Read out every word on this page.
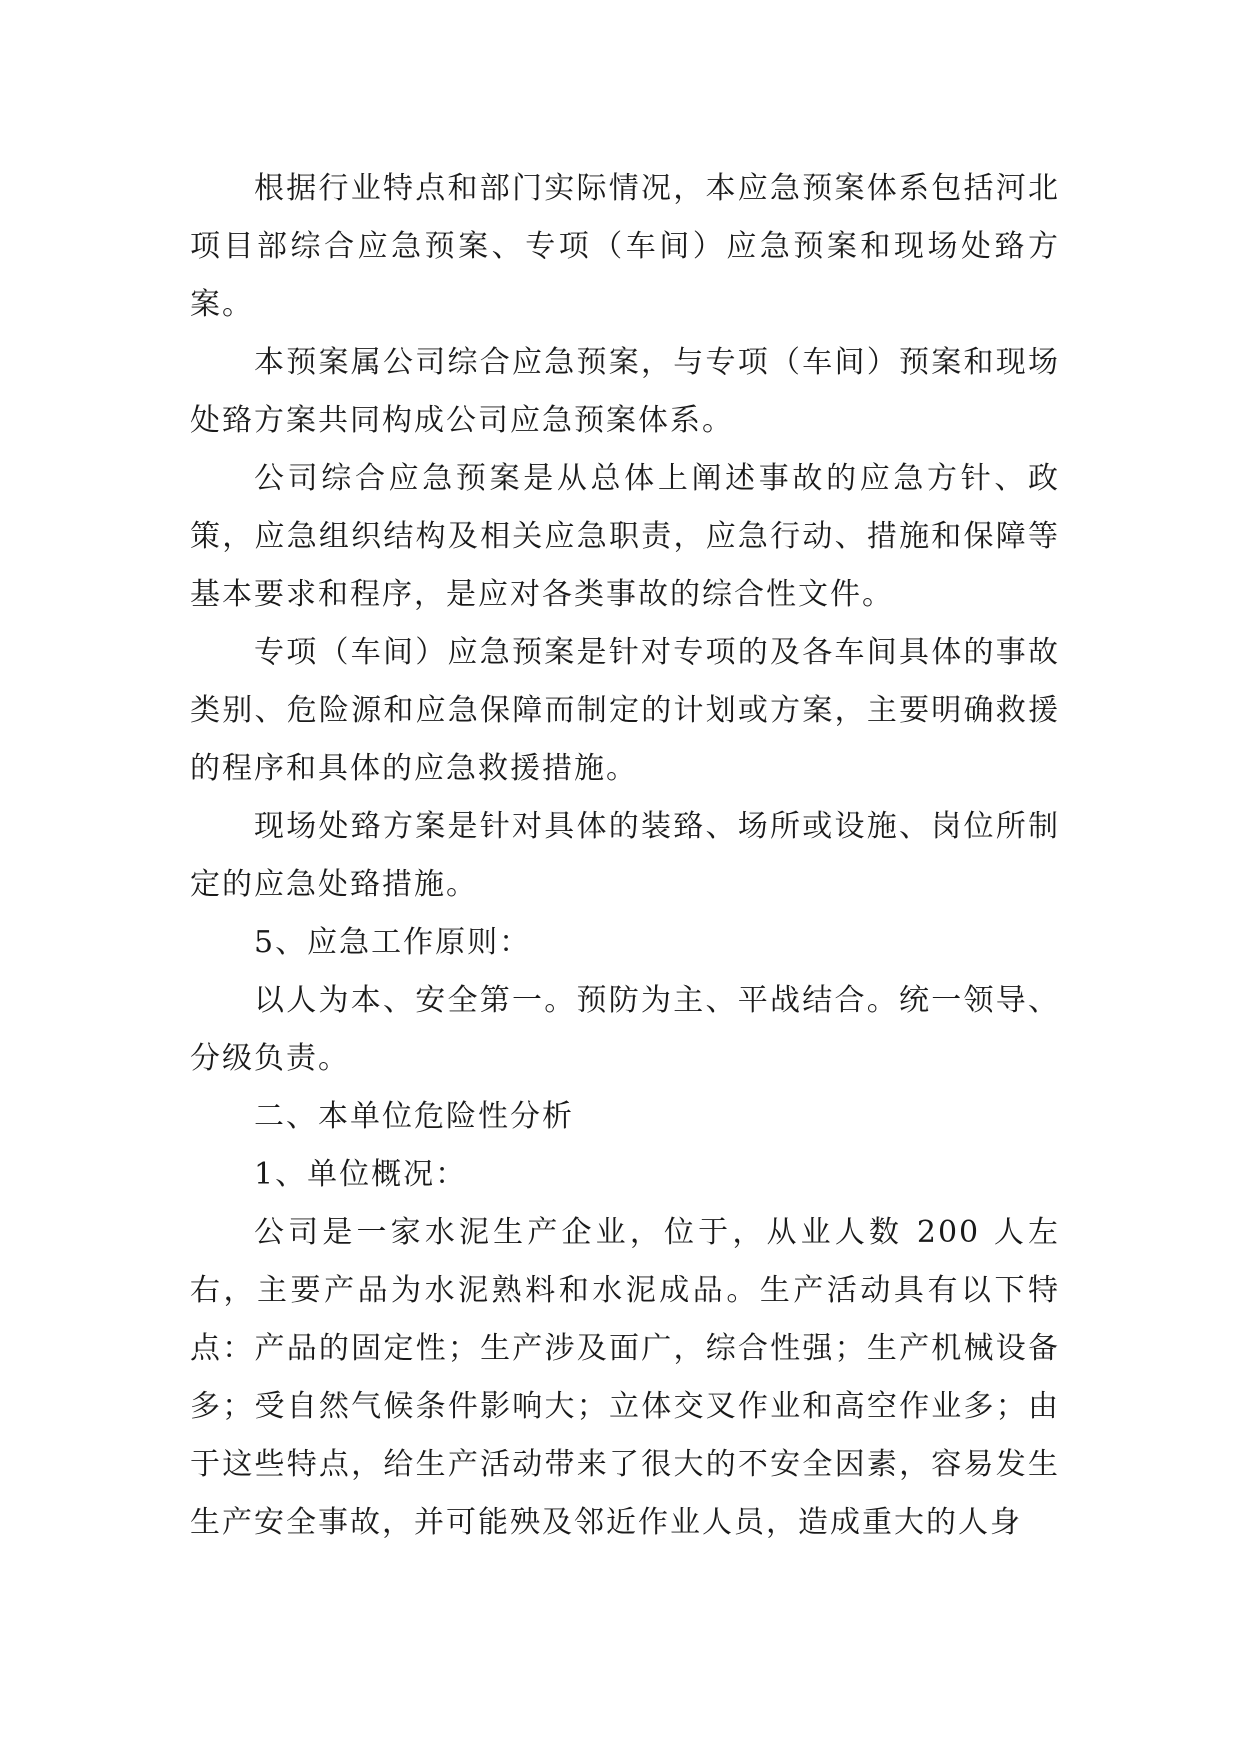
根据行业特点和部门实际情况，本应急预案体系包括河北项目部综合应急预案、专项（车间）应急预案和现场处臵方案。

本预案属公司综合应急预案，与专项（车间）预案和现场处臵方案共同构成公司应急预案体系。

公司综合应急预案是从总体上阐述事故的应急方针、政策，应急组织结构及相关应急职责，应急行动、措施和保障等基本要求和程序，是应对各类事故的综合性文件。

专项（车间）应急预案是针对专项的及各车间具体的事故类别、危险源和应急保障而制定的计划或方案，主要明确救援的程序和具体的应急救援措施。

现场处臵方案是针对具体的装臵、场所或设施、岗位所制定的应急处臵措施。

5、应急工作原则：

以人为本、安全第一。预防为主、平战结合。统一领导、分级负责。

二、本单位危险性分析

1、单位概况：

公司是一家水泥生产企业，位于，从业人数 200 人左右，主要产品为水泥熟料和水泥成品。生产活动具有以下特点：产品的固定性；生产涉及面广，综合性强；生产机械设备多；受自然气候条件影响大；立体交叉作业和高空作业多；由于这些特点，给生产活动带来了很大的不安全因素，容易发生生产安全事故，并可能殃及邻近作业人员，造成重大的人身
